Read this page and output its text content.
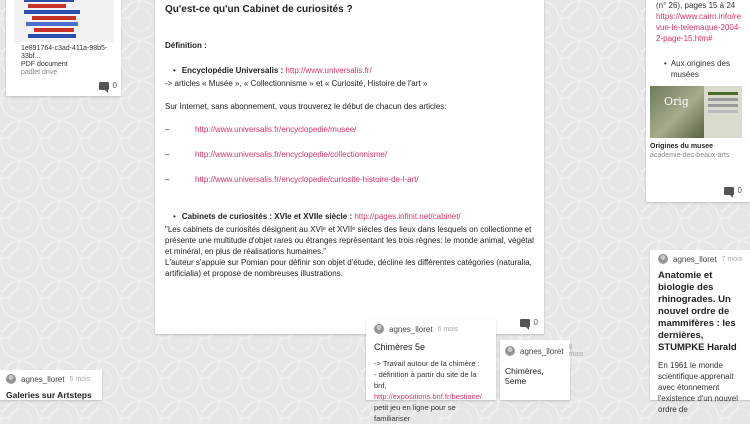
1e891764-c3ad-411a-98b5-33bf...
PDF document
padlet drive
0
Qu'est-ce qu'un Cabinet de curiosités ?
Définition :
• Encyclopédie Universalis : http://www.universalis.fr/
-> articles « Musée », « Collectionnisme » et « Curiosité, Histoire de l'art »
Sur Internet, sans abonnement, vous trouverez le début de chacun des articles:
–	http://www.universalis.fr/encyclopedie/musee/
–	http://www.universalis.fr/encyclopedie/collectionnisme/
–	http://www.universalis.fr/encyclopedie/curiosite-histoire-de-l-art/
• Cabinets de curiosités : XVIe et XVIIe siècle : http://pages.infinit.net/cabinet/
"Les cabinets de curiosités désignent au XVIᵉ et XVIIᵉ siècles des lieux dans lesquels on collectionne et présente une multitude d'objet rares ou étranges représentant les trois règnes: le monde animal, végétal et minéral, en plus de réalisations humaines."
L'auteur s'appuie sur Pomian pour définir son objet d'étude, décline les différentes catégories (naturalia, artificialia) et propose de nombreuses illustrations.
0
(n° 26), pages 15 à 24
https://www.cairn.info/revue-le-telemaque-2004-2-page-15.htm#
• Aux origines des musées
Orig
Origines du musee
academie-des-beaux-arts
0
agnes_lloret 7 mois
Anatomie et biologie des rhinogrades. Un nouvel ordre de mammifères : les dernières, STUMPKE Harald
En 1961 le monde scientifique apprenait avec étonnement l'existence d'un nouvel ordre de
agnes_lloret 6 mois
Chimères 5e
-> Travail autour de la chimère :
- définition à partir du site de la bnf,
http://expositions.bnf.fr/bestiaire/
petit jeu en ligne pour se familiariser
agnes_lloret 6 mois
Chimères, 5eme
agnes_lloret 6 mois
Galeries sur Artsteps
